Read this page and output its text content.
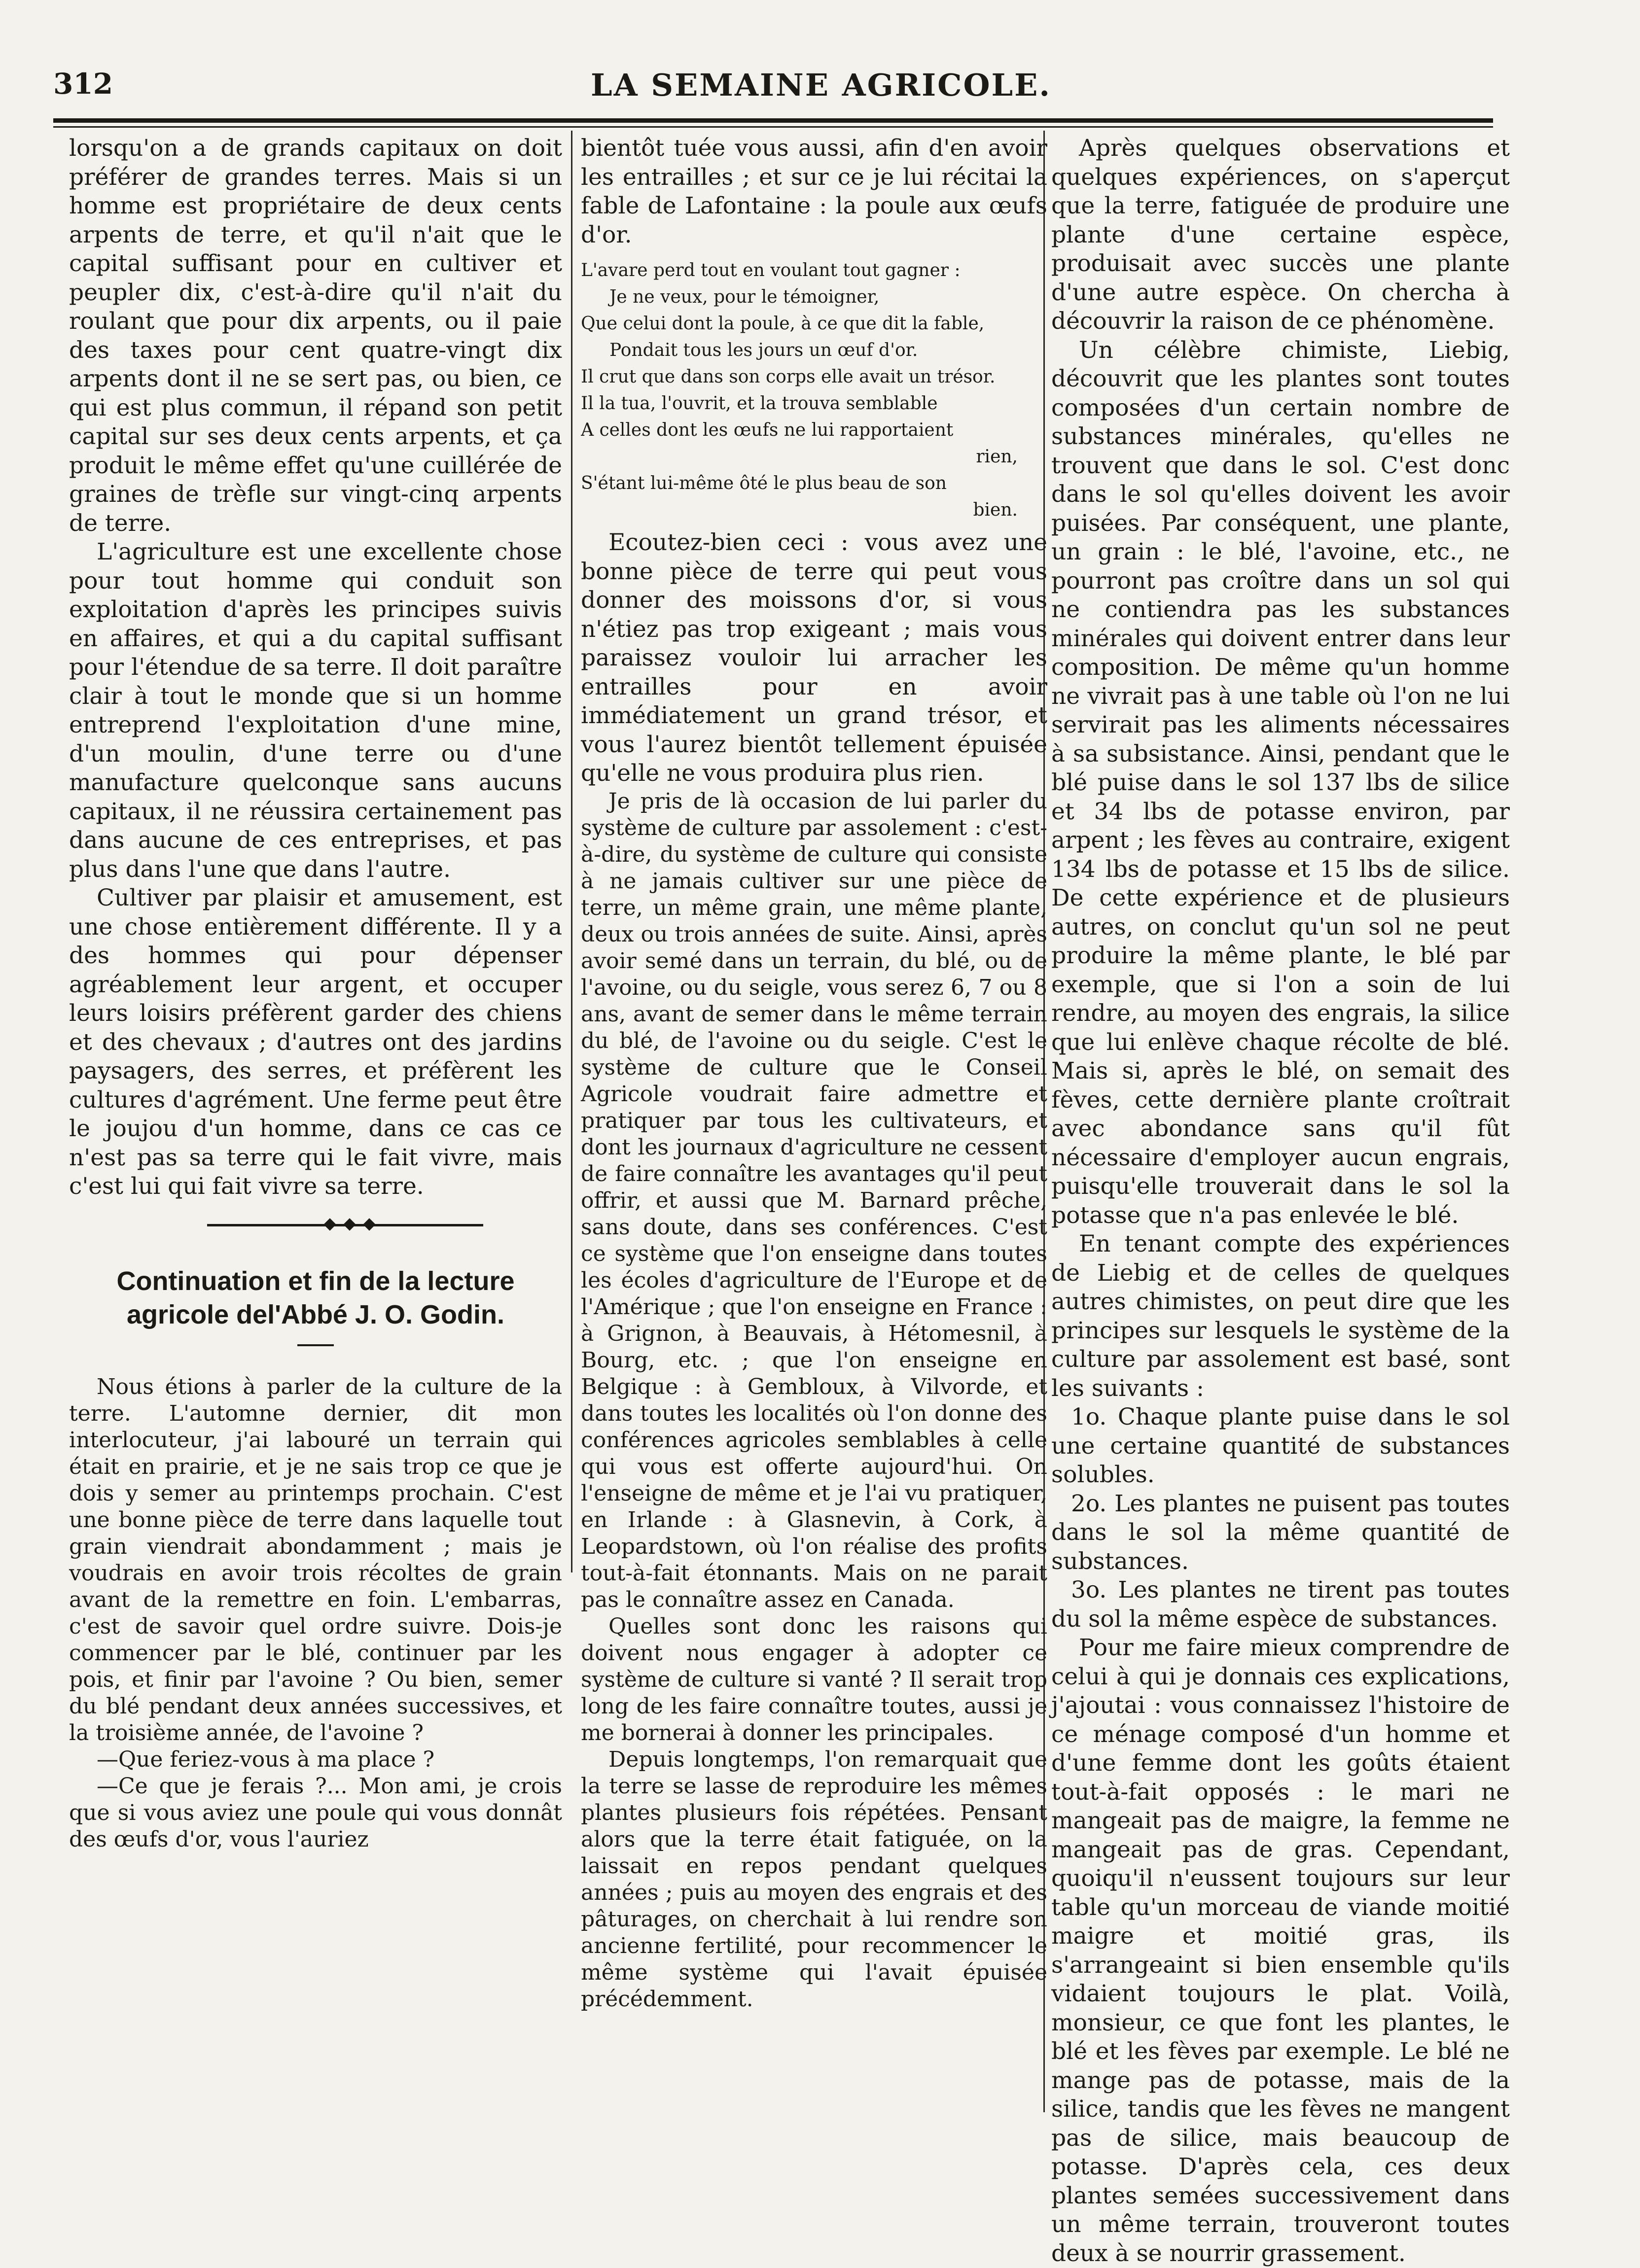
312	LA SEMAINE AGRICOLE.

lorsqu'on a de grands capitaux on doit préférer de grandes terres. Mais si un homme est propriétaire de deux cents arpents de terre, et qu'il n'ait que le capital suffisant pour en cultiver et peupler dix, c'est-à-dire qu'il n'ait du roulant que pour dix arpents, ou il paie des taxes pour cent quatre-vingt dix arpents dont il ne se sert pas, ou bien, ce qui est plus commun, il répand son petit capital sur ses deux cents arpents, et ça produit le même effet qu'une cuillérée de graines de trèfle sur vingt-cinq arpents de terre.

L'agriculture est une excellente chose pour tout homme qui conduit son exploitation d'après les principes suivis en affaires, et qui a du capital suffisant pour l'étendue de sa terre. Il doit paraître clair à tout le monde que si un homme entreprend l'exploitation d'une mine, d'un moulin, d'une terre ou d'une manufacture quelconque sans aucuns capitaux, il ne réussira certainement pas dans aucune de ces entreprises, et pas plus dans l'une que dans l'autre.

Cultiver par plaisir et amusement, est une chose entièrement différente. Il y a des hommes qui pour dépenser agréablement leur argent, et occuper leurs loisirs préfèrent garder des chiens et des chevaux ; d'autres ont des jardins paysagers, des serres, et préfèrent les cultures d'agrément. Une ferme peut être le joujou d'un homme, dans ce cas ce n'est pas sa terre qui le fait vivre, mais c'est lui qui fait vivre sa terre.

Continuation et fin de la lecture
agricole del'Abbé J. O. Godin.

Nous étions à parler de la culture de la terre. L'automne dernier, dit mon interlocuteur, j'ai labouré un terrain qui était en prairie, et je ne sais trop ce que je dois y semer au printemps prochain. C'est une bonne pièce de terre dans laquelle tout grain viendrait abondamment ; mais je voudrais en avoir trois récoltes de grain avant de la remettre en foin. L'embarras, c'est de savoir quel ordre suivre. Dois-je commencer par le blé, continuer par les pois, et finir par l'avoine ? Ou bien, semer du blé pendant deux années successives, et la troisième année, de l'avoine ?

—Que feriez-vous à ma place ?

—Ce que je ferais ?... Mon ami, je crois que si vous aviez une poule qui vous donnât des œufs d'or, vous l'auriez

bientôt tuée vous aussi, afin d'en avoir les entrailles ; et sur ce je lui récitai la fable de Lafontaine : la poule aux œufs d'or.

L'avare perd tout en voulant tout gagner :
Je ne veux, pour le témoigner,
Que celui dont la poule, à ce que dit la fable,
Pondait tous les jours un œuf d'or.
Il crut que dans son corps elle avait un trésor.
Il la tua, l'ouvrit, et la trouva semblable
A celles dont les œufs ne lui rapportaient
rien,
S'étant lui-même ôté le plus beau de son
bien.

Ecoutez-bien ceci : vous avez une bonne pièce de terre qui peut vous donner des moissons d'or, si vous n'étiez pas trop exigeant ; mais vous paraissez vouloir lui arracher les entrailles pour en avoir immédiatement un grand trésor, et vous l'aurez bientôt tellement épuisée qu'elle ne vous produira plus rien.

Je pris de là occasion de lui parler du système de culture par assolement : c'est-à-dire, du système de culture qui consiste à ne jamais cultiver sur une pièce de terre, un même grain, une même plante, deux ou trois années de suite. Ainsi, après avoir semé dans un terrain, du blé, ou de l'avoine, ou du seigle, vous serez 6, 7 ou 8 ans, avant de semer dans le même terrain du blé, de l'avoine ou du seigle. C'est le système de culture que le Conseil Agricole voudrait faire admettre et pratiquer par tous les cultivateurs, et dont les journaux d'agriculture ne cessent de faire connaître les avantages qu'il peut offrir, et aussi que M. Barnard prêche, sans doute, dans ses conférences. C'est ce système que l'on enseigne dans toutes les écoles d'agriculture de l'Europe et de l'Amérique ; que l'on enseigne en France : à Grignon, à Beauvais, à Hétomesnil, à Bourg, etc. ; que l'on enseigne en Belgique : à Gembloux, à Vilvorde, et dans toutes les localités où l'on donne des conférences agricoles semblables à celle qui vous est offerte aujourd'hui. On l'enseigne de même et je l'ai vu pratiquer, en Irlande : à Glasnevin, à Cork, à Leopardstown, où l'on réalise des profits tout-à-fait étonnants. Mais on ne parait pas le connaître assez en Canada.

Quelles sont donc les raisons qui doivent nous engager à adopter ce système de culture si vanté ? Il serait trop long de les faire connaître toutes, aussi je me bornerai à donner les principales.

Depuis longtemps, l'on remarquait que la terre se lasse de reproduire les mêmes plantes plusieurs fois répétées. Pensant alors que la terre était fatiguée, on la laissait en repos pendant quelques années ; puis au moyen des engrais et des pâturages, on cherchait à lui rendre son ancienne fertilité, pour recommencer le même système qui l'avait épuisée précédemment.

Après quelques observations et quelques expériences, on s'aperçut que la terre, fatiguée de produire une plante d'une certaine espèce, produisait avec succès une plante d'une autre espèce. On chercha à découvrir la raison de ce phénomène.

Un célèbre chimiste, Liebig, découvrit que les plantes sont toutes composées d'un certain nombre de substances minérales, qu'elles ne trouvent que dans le sol. C'est donc dans le sol qu'elles doivent les avoir puisées. Par conséquent, une plante, un grain : le blé, l'avoine, etc., ne pourront pas croître dans un sol qui ne contiendra pas les substances minérales qui doivent entrer dans leur composition. De même qu'un homme ne vivrait pas à une table où l'on ne lui servirait pas les aliments nécessaires à sa subsistance. Ainsi, pendant que le blé puise dans le sol 137 lbs de silice et 34 lbs de potasse environ, par arpent ; les fèves au contraire, exigent 134 lbs de potasse et 15 lbs de silice. De cette expérience et de plusieurs autres, on conclut qu'un sol ne peut produire la même plante, le blé par exemple, que si l'on a soin de lui rendre, au moyen des engrais, la silice que lui enlève chaque récolte de blé. Mais si, après le blé, on semait des fèves, cette dernière plante croîtrait avec abondance sans qu'il fût nécessaire d'employer aucun engrais, puisqu'elle trouverait dans le sol la potasse que n'a pas enlevée le blé.

En tenant compte des expériences de Liebig et de celles de quelques autres chimistes, on peut dire que les principes sur lesquels le système de la culture par assolement est basé, sont les suivants :

1o. Chaque plante puise dans le sol une certaine quantité de substances solubles.

2o. Les plantes ne puisent pas toutes dans le sol la même quantité de substances.

3o. Les plantes ne tirent pas toutes du sol la même espèce de substances.

Pour me faire mieux comprendre de celui à qui je donnais ces explications, j'ajoutai : vous connaissez l'histoire de ce ménage composé d'un homme et d'une femme dont les goûts étaient tout-à-fait opposés : le mari ne mangeait pas de maigre, la femme ne mangeait pas de gras. Cependant, quoiqu'il n'eussent toujours sur leur table qu'un morceau de viande moitié maigre et moitié gras, ils s'arrangeaint si bien ensemble qu'ils vidaient toujours le plat. Voilà, monsieur, ce que font les plantes, le blé et les fèves par exemple. Le blé ne mange pas de potasse, mais de la silice, tandis que les fèves ne mangent pas de silice, mais beaucoup de potasse. D'après cela, ces deux plantes semées successivement dans un même terrain, trouveront toutes deux à se nourrir grassement.
